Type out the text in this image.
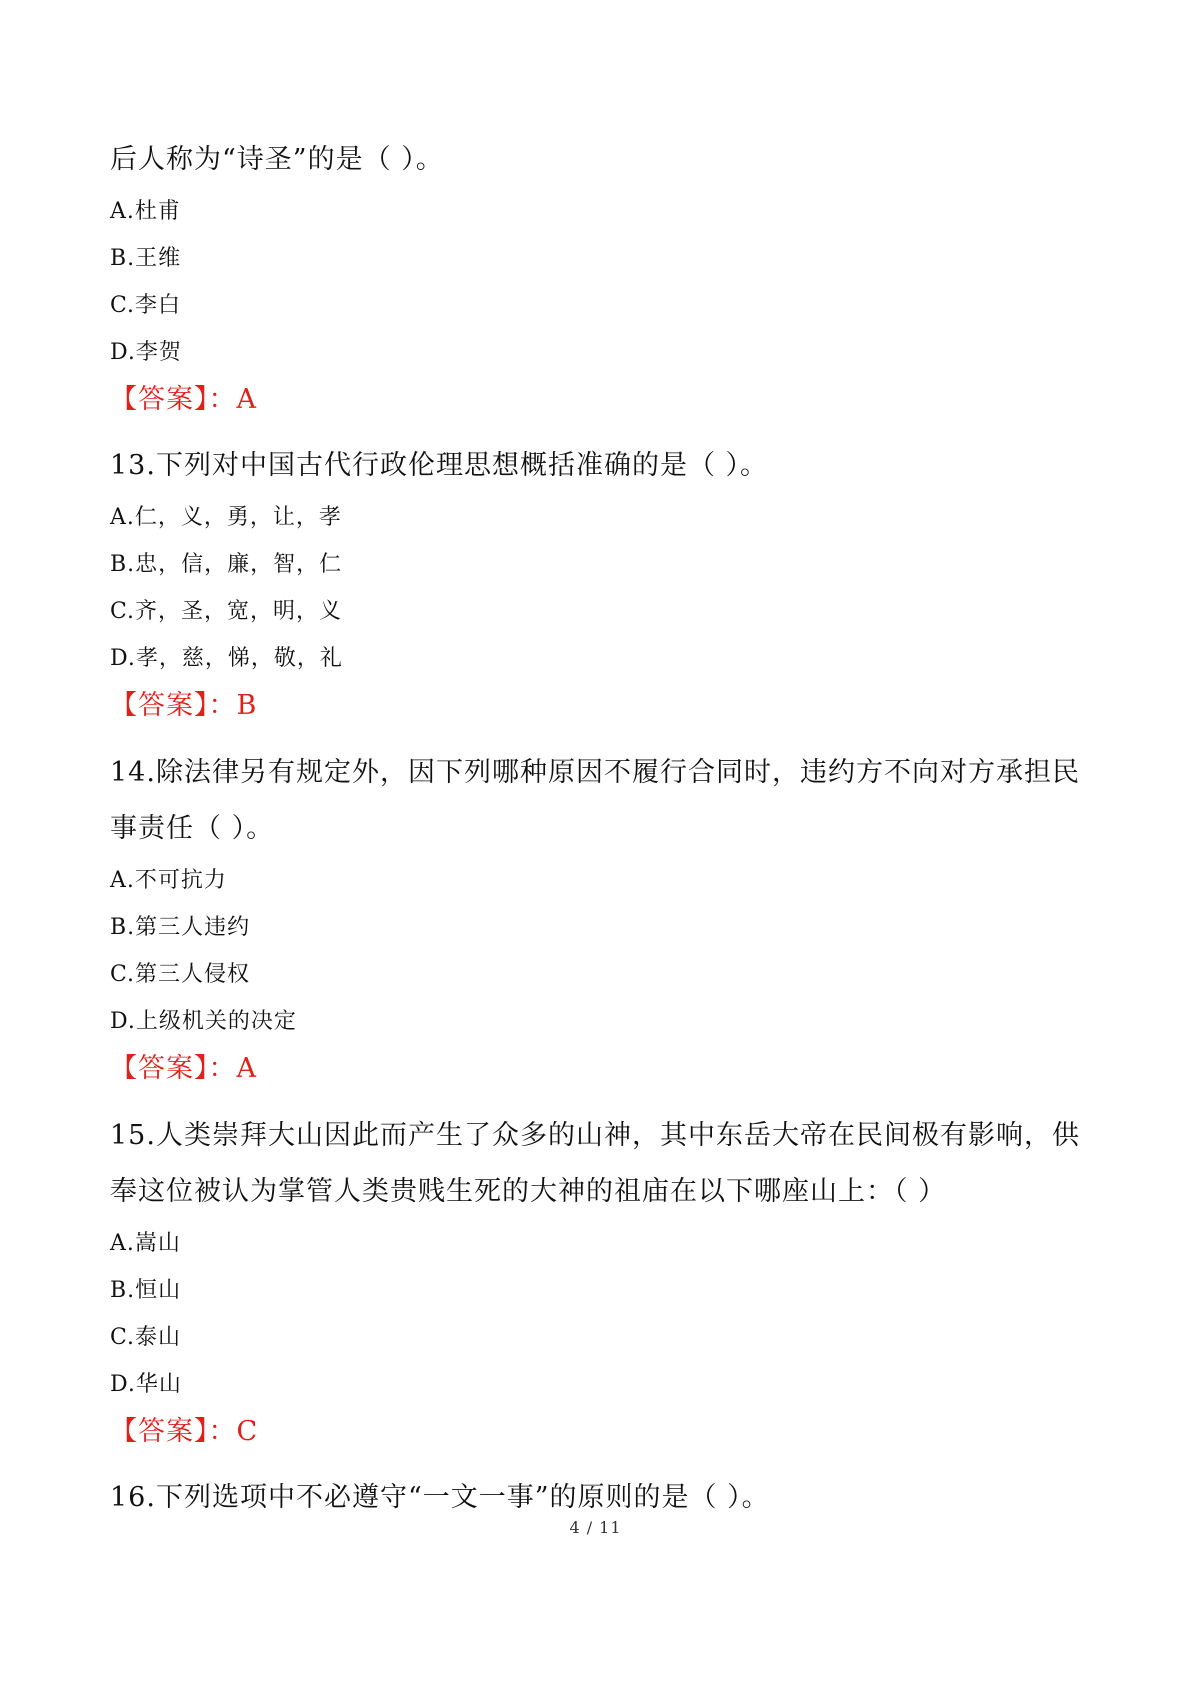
后人称为“诗圣”的是（ ）。

A.杜甫

B.王维

C.李白

D.李贺

【答案】：A

13.下列对中国古代行政伦理思想概括准确的是（ ）。

A.仁，义，勇，让，孝

B.忠，信，廉，智，仁

C.齐，圣，宽，明，义

D.孝，慈，悌，敬，礼

【答案】：B

14.除法律另有规定外，因下列哪种原因不履行合同时，违约方不向对方承担民

事责任（ ）。

A.不可抗力

B.第三人违约

C.第三人侵权

D.上级机关的决定

【答案】：A

15.人类崇拜大山因此而产生了众多的山神，其中东岳大帝在民间极有影响，供

奉这位被认为掌管人类贵贱生死的大神的祖庙在以下哪座山上：（ ）

A.嵩山

B.恒山

C.泰山

D.华山

【答案】：C

16.下列选项中不必遵守“一文一事”的原则的是（ ）。

4 / 11
